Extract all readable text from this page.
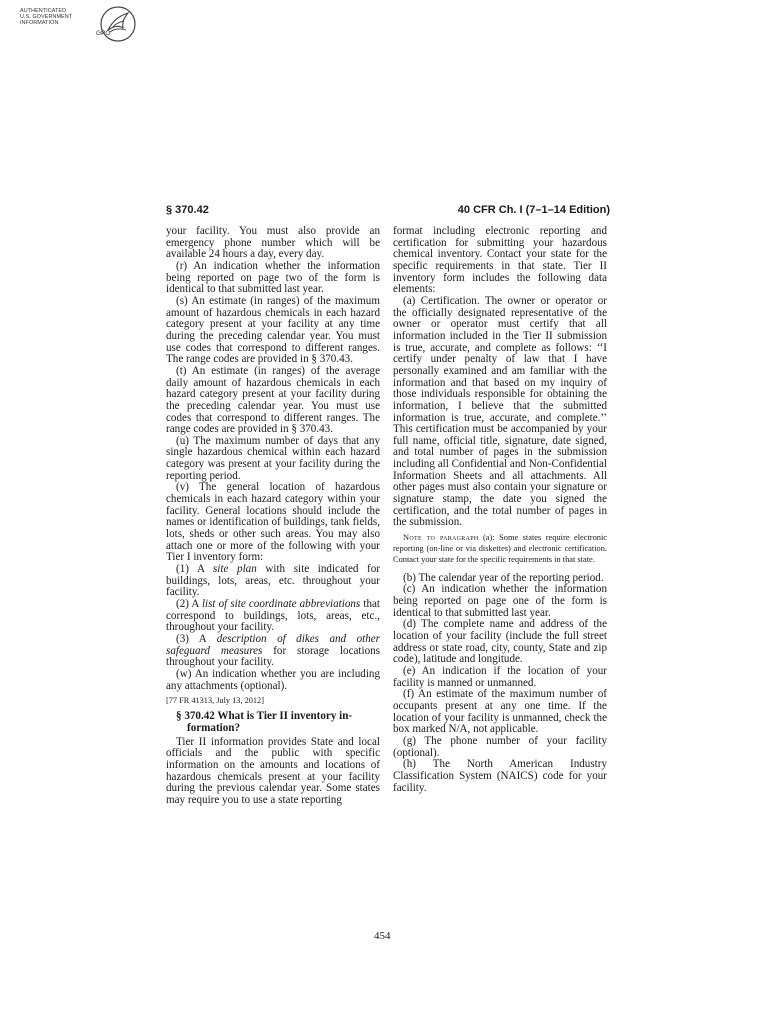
AUTHENTICATED
U.S. GOVERNMENT
INFORMATION
GPO
§ 370.42	40 CFR Ch. I (7–1–14 Edition)

your facility. You must also provide an emergency phone number which will be available 24 hours a day, every day.

(r) An indication whether the information being reported on page two of the form is identical to that submitted last year.

(s) An estimate (in ranges) of the maximum amount of hazardous chemicals in each hazard category present at your facility at any time during the preceding calendar year. You must use codes that correspond to different ranges. The range codes are provided in § 370.43.

(t) An estimate (in ranges) of the average daily amount of hazardous chemicals in each hazard category present at your facility during the preceding calendar year. You must use codes that correspond to different ranges. The range codes are provided in § 370.43.

(u) The maximum number of days that any single hazardous chemical within each hazard category was present at your facility during the reporting period.

(v) The general location of hazardous chemicals in each hazard category within your facility. General locations should include the names or identification of buildings, tank fields, lots, sheds or other such areas. You may also attach one or more of the following with your Tier I inventory form:

(1) A site plan with site indicated for buildings, lots, areas, etc. throughout your facility.

(2) A list of site coordinate abbreviations that correspond to buildings, lots, areas, etc., throughout your facility.

(3) A description of dikes and other safeguard measures for storage locations throughout your facility.

(w) An indication whether you are including any attachments (optional).

[77 FR 41313, July 13, 2012]

§ 370.42 What is Tier II inventory in-
formation?

Tier II information provides State and local officials and the public with specific information on the amounts and locations of hazardous chemicals present at your facility during the previous calendar year. Some states may require you to use a state reporting

format including electronic reporting and certification for submitting your hazardous chemical inventory. Contact your state for the specific requirements in that state. Tier II inventory form includes the following data elements:

(a) Certification. The owner or operator or the officially designated representative of the owner or operator must certify that all information included in the Tier II submission is true, accurate, and complete as follows: ‘‘I certify under penalty of law that I have personally examined and am familiar with the information and that based on my inquiry of those individuals responsible for obtaining the information, I believe that the submitted information is true, accurate, and complete.’’ This certification must be accompanied by your full name, official title, signature, date signed, and total number of pages in the submission including all Confidential and Non-Confidential Information Sheets and all attachments. All other pages must also contain your signature or signature stamp, the date you signed the certification, and the total number of pages in the submission.

Note to paragraph (a): Some states require electronic reporting (on-line or via diskettes) and electronic certification. Contact your state for the specific requirements in that state.

(b) The calendar year of the reporting period.

(c) An indication whether the information being reported on page one of the form is identical to that submitted last year.

(d) The complete name and address of the location of your facility (include the full street address or state road, city, county, State and zip code), latitude and longitude.

(e) An indication if the location of your facility is manned or unmanned.

(f) An estimate of the maximum number of occupants present at any one time. If the location of your facility is unmanned, check the box marked N/A, not applicable.

(g) The phone number of your facility (optional).

(h) The North American Industry Classification System (NAICS) code for your facility.

454
